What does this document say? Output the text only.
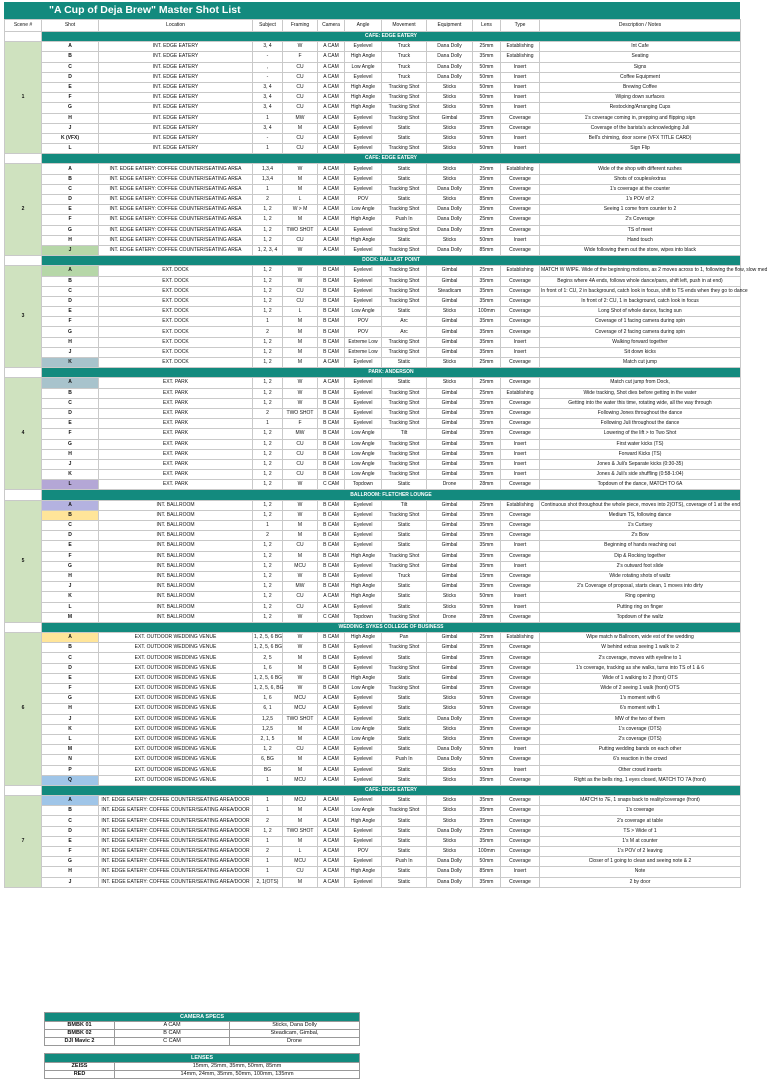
"A Cup of Deja Brew" Master Shot List
Scene #	Shot	Location	Subject	Framing	Camera	Angle	Movement	Equipment	Lens	Type	Description / Notes
	CAFE: EDGE EATERY										
1	A	INT. EDGE EATERY	3, 4	W	A CAM	Eyelevel	Truck	Dana Dolly	25mm	Establishing	Int Cafe
	B	INT. EDGE EATERY	-	F	A CAM	High Angle	Truck	Dana Dolly	35mm	Establishing	Seating
	C	INT. EDGE EATERY	,	CU	A CAM	Low Angle	Truck	Dana Dolly	50mm	Insert	Signs
	D	INT. EDGE EATERY	-	CU	A CAM	Eyelevel	Truck	Dana Dolly	50mm	Insert	Coffee Equipment
	E	INT. EDGE EATERY	3, 4	CU	A CAM	High Angle	Tracking Shot	Sticks	50mm	Insert	Brewing Coffee
	F	INT. EDGE EATERY	3, 4	CU	A CAM	High Angle	Tracking Shot	Sticks	50mm	Insert	Wiping down surfaces
	G	INT. EDGE EATERY	3, 4	CU	A CAM	High Angle	Tracking Shot	Sticks	50mm	Insert	Restocking/Arranging Cups
	H	INT. EDGE EATERY	1	MW	A CAM	Eyelevel	Tracking Shot	Gimbal	35mm	Coverage	1's coverage coming in, prepping and flipping sign
	J	INT. EDGE EATERY	3, 4	M	A CAM	Eyelevel	Static	Sticks	35mm	Coverage	Coverage of the barista's acknowledging Juli
	K (VFX)	INT. EDGE EATERY	-	CU	A CAM	Eyelevel	Static	Sticks	50mm	Insert	Bell's chiming, door scene (VFX TITLE CARD)
	L	INT. EDGE EATERY	1	CU	A CAM	Eyelevel	Tracking Shot	Sticks	50mm	Insert	Sign Flip
	CAFE: EDGE EATERY										
2	A	INT. EDGE EATERY: COFFEE COUNTER/SEATING AREA	1,3,4	W	A CAM	Eyelevel	Static	Sticks	25mm	Establishing	Wide of the shop with different rushes
	B	INT. EDGE EATERY: COFFEE COUNTER/SEATING AREA	1,3,4	M	A CAM	Eyelevel	Static	Sticks	35mm	Coverage	Shots of couples/extras
	C	INT. EDGE EATERY: COFFEE COUNTER/SEATING AREA	1	M	A CAM	Eyelevel	Tracking Shot	Dana Dolly	35mm	Coverage	1's coverage at the counter
	D	INT. EDGE EATERY: COFFEE COUNTER/SEATING AREA	2	L	A CAM	POV	Static	Sticks	85mm	Coverage	1's POV of 2
	E	INT. EDGE EATERY: COFFEE COUNTER/SEATING AREA	1, 2	W > M	A CAM	Low Angle	Tracking Shot	Dana Dolly	35mm	Coverage	Seeing 1 come from counter to 2
	F	INT. EDGE EATERY: COFFEE COUNTER/SEATING AREA	1, 2	M	A CAM	High Angle	Push In	Dana Dolly	25mm	Coverage	2's Coverage
	G	INT. EDGE EATERY: COFFEE COUNTER/SEATING AREA	1, 2	TWO SHOT	A CAM	Eyelevel	Tracking Shot	Dana Dolly	35mm	Coverage	TS of meet
	H	INT. EDGE EATERY: COFFEE COUNTER/SEATING AREA	1, 2	CU	A CAM	High Angle	Static	Sticks	50mm	Insert	Hand touch
	J	INT. EDGE EATERY: COFFEE COUNTER/SEATING AREA	1, 2, 3, 4	W	A CAM	Eyelevel	Tracking Shot	Dana Dolly	85mm	Coverage	Wide following them out the store, wipes into black
	DOCK: BALLAST POINT										
3	A	EXT. DOCK	1, 2	W	B CAM	Eyelevel	Tracking Shot	Gimbal	25mm	Establishing	MATCH W WIPE. Wide of the beginning motions, as 2 moves across to 1, following the flow, slow med
	B	EXT. DOCK	1, 2	W	B CAM	Eyelevel	Tracking Shot	Gimbal	35mm	Coverage	Begins where 4A ends, follows whole dance/pans, shift left, push in at end)
	C	EXT. DOCK	1, 2	CU	B CAM	Eyelevel	Tracking Shot	Steadicam	35mm	Coverage	In front of 1: CU, 2 in background, catch look in focus, shift to TS ends when they go to dance
	D	EXT. DOCK	1, 2	CU	B CAM	Eyelevel	Tracking Shot	Gimbal	35mm	Coverage	In front of 2: CU, 1 in background, catch look in focus
	E	EXT. DOCK	1, 2	L	B CAM	Low Angle	Static	Sticks	100mm	Coverage	Long Shot of whole dance, facing sun
	F	EXT. DOCK	1	M	B CAM	POV	Arc	Gimbal	35mm	Coverage	Coverage of 1 facing camera during spin
	G	EXT. DOCK	2	M	B CAM	POV	Arc	Gimbal	35mm	Coverage	Coverage of 2 facing camera during spin
	H	EXT. DOCK	1, 2	M	B CAM	Extreme Low	Tracking Shot	Gimbal	35mm	Insert	Walking forward together
	J	EXT. DOCK	1, 2	M	B CAM	Extreme Low	Tracking Shot	Gimbal	35mm	Insert	Sit down kicks
	K	EXT. DOCK	1, 2	M	A CAM	Eyelevel	Static	Sticks	25mm	Coverage	Match cut jump
	PARK: ANDERSON										
4	A	EXT. PARK	1, 2	W	A CAM	Eyelevel	Static	Sticks	25mm	Coverage	Match cut jump from Dock,
	B	EXT. PARK	1, 2	W	B CAM	Eyelevel	Tracking Shot	Gimbal	25mm	Establishing	Wide tracking, Shot dies before getting in the water
	C	EXT. PARK	1, 2	W	B CAM	Eyelevel	Tracking Shot	Gimbal	35mm	Coverage	Getting into the water this time, rotating wide, all the way through
	D	EXT. PARK	2	TWO SHOT	B CAM	Eyelevel	Tracking Shot	Gimbal	35mm	Coverage	Following Jones throughout the dance
	E	EXT. PARK	1	F	B CAM	Eyelevel	Tracking Shot	Gimbal	35mm	Coverage	Following Juli throughout the dance
	F	EXT. PARK	1, 2	MW	B CAM	Low Angle	Tilt	Gimbal	35mm	Coverage	Lowering of the lift > to Two Shot
	G	EXT. PARK	1, 2	CU	B CAM	Low Angle	Tracking Shot	Gimbal	35mm	Insert	First water kicks (TS)
	H	EXT. PARK	1, 2	CU	B CAM	Low Angle	Tracking Shot	Gimbal	35mm	Insert	Forward Kicks (TS)
	J	EXT. PARK	1, 2	CU	B CAM	Low Angle	Tracking Shot	Gimbal	35mm	Insert	Jones & Juli's Separate kicks (0:30-35)
	K	EXT. PARK	1, 2	CU	B CAM	Low Angle	Tracking Shot	Gimbal	35mm	Insert	Jones & Juli's side shuffling (0:58-1:04)
	L	EXT. PARK	1, 2	W	C CAM	Topdown	Static	Drone	28mm	Coverage	Topdown of the dance, MATCH TO 6A
	BALLROOM: FLETCHER LOUNGE										
5	A	INT. BALLROOM	1, 2	W	B CAM	Eyelevel	Tilt	Gimbal	25mm	Establishing	Continuous shot throughout the whole piece, moves into 2(OTS), coverage of 1 at the end
	B	INT. BALLROOM	1, 2	W	B CAM	Eyelevel	Tracking Shot	Gimbal	35mm	Coverage	Medium TS, following dance
	C	INT. BALLROOM	1	M	B CAM	Eyelevel	Static	Gimbal	35mm	Coverage	1's Curtsey
	D	INT. BALLROOM	2	M	B CAM	Eyelevel	Static	Gimbal	35mm	Coverage	2's Bow
	E	INT. BALLROOM	1, 2	CU	B CAM	Eyelevel	Static	Gimbal	35mm	Insert	Beginning of hands reaching out
	F	INT. BALLROOM	1, 2	M	B CAM	High Angle	Tracking Shot	Gimbal	35mm	Coverage	Dip & Rocking together
	G	INT. BALLROOM	1, 2	MCU	B CAM	Eyelevel	Tracking Shot	Gimbal	35mm	Insert	2's outward foot slide
	H	INT. BALLROOM	1, 2	W	B CAM	Eyelevel	Truck	Gimbal	15mm	Coverage	Wide rotating shots of waltz
	J	INT. BALLROOM	1, 2	MW	B CAM	High Angle	Static	Gimbal	35mm	Coverage	2's Coverage of proposal, starts clean, 1 moves into dirty
	K	INT. BALLROOM	1, 2	CU	A CAM	High Angle	Static	Sticks	50mm	Insert	Ring opening
	L	INT. BALLROOM	1, 2	CU	A CAM	Eyelevel	Static	Sticks	50mm	Insert	Putting ring on finger
	M	INT. BALLROOM	1, 2	W	C CAM	Topdown	Tracking Shot	Drone	28mm	Coverage	Topdown of the waltz
	WEDDING: SYKES COLLEGE OF BUSINESS										
6	A	EXT. OUTDOOR WEDDING VENUE	1, 2, 5, 6 BG	W	B CAM	High Angle	Pan	Gimbal	25mm	Establishing	Wipe match w Ballroom, wide est of the wedding
	B	EXT. OUTDOOR WEDDING VENUE	1, 2, 5, 6 BG	W	B CAM	Eyelevel	Tracking Shot	Gimbal	35mm	Coverage	W behind extras seeing 1 walk to 2
	C	EXT. OUTDOOR WEDDING VENUE	2, 5	M	B CAM	Eyelevel	Static	Gimbal	35mm	Coverage	2's coverage, moves with eyeline to 1
	D	EXT. OUTDOOR WEDDING VENUE	1, 6	M	B CAM	Eyelevel	Tracking Shot	Gimbal	35mm	Coverage	1's coverage, tracking as she walks, turns into TS of 1 & 6
	E	EXT. OUTDOOR WEDDING VENUE	1, 2, 5, 6 BG	W	B CAM	High Angle	Static	Gimbal	35mm	Coverage	Wide of 1 walking to 2 (front) OTS
	F	EXT. OUTDOOR WEDDING VENUE	1, 2, 5, 6, BG	W	B CAM	Low Angle	Tracking Shot	Gimbal	35mm	Coverage	Wide of 2 seeing 1 walk (front) OTS
	G	EXT. OUTDOOR WEDDING VENUE	1, 6	MCU	A CAM	Eyelevel	Static	Sticks	50mm	Coverage	1's moment with 6
	H	EXT. OUTDOOR WEDDING VENUE	6, 1	MCU	A CAM	Eyelevel	Static	Sticks	50mm	Coverage	6's moment with 1
	J	EXT. OUTDOOR WEDDING VENUE	1,2,5	TWO SHOT	A CAM	Eyelevel	Static	Dana Dolly	35mm	Coverage	MW of the two of them
	K	EXT. OUTDOOR WEDDING VENUE	1,2,5	M	A CAM	Low Angle	Static	Sticks	35mm	Coverage	1's coverage (OTS)
	L	EXT. OUTDOOR WEDDING VENUE	2, 1, 5	M	A CAM	Low Angle	Static	Sticks	35mm	Coverage	2's coverage (OTS)
	M	EXT. OUTDOOR WEDDING VENUE	1, 2	CU	A CAM	Eyelevel	Static	Dana Dolly	50mm	Insert	Putting wedding bands on each other
	N	EXT. OUTDOOR WEDDING VENUE	6, BG	M	A CAM	Eyelevel	Push In	Dana Dolly	50mm	Coverage	6's reaction in the crowd
	P	EXT. OUTDOOR WEDDING VENUE	BG	M	A CAM	Eyelevel	Static	Sticks	50mm	Insert	Other crowd inserts
	Q	EXT. OUTDOOR WEDDING VENUE	1	MCU	A CAM	Eyelevel	Static	Sticks	35mm	Coverage	Right as the bells ring, 1 eyes closed, MATCH TO 7A (front)
	CAFE: EDGE EATERY										
7	A	INT. EDGE EATERY: COFFEE COUNTER/SEATING AREA/DOOR	1	MCU	A CAM	Eyelevel	Static	Sticks	35mm	Coverage	MATCH to 7E, 1 snaps back to reality/coverage (front)
	B	INT. EDGE EATERY: COFFEE COUNTER/SEATING AREA/DOOR	1	M	A CAM	Low Angle	Tracking Shot	Sticks	35mm	Coverage	1's coverage
	C	INT. EDGE EATERY: COFFEE COUNTER/SEATING AREA/DOOR	2	M	A CAM	High Angle	Static	Sticks	35mm	Coverage	2's coverage at table
	D	INT. EDGE EATERY: COFFEE COUNTER/SEATING AREA/DOOR	1, 2	TWO SHOT	A CAM	Eyelevel	Static	Dana Dolly	25mm	Coverage	TS > Wide of 1
	E	INT. EDGE EATERY: COFFEE COUNTER/SEATING AREA/DOOR	1	M	A CAM	Eyelevel	Static	Sticks	35mm	Coverage	1's M at counter
	F	INT. EDGE EATERY: COFFEE COUNTER/SEATING AREA/DOOR	2	L	A CAM	POV	Static	Sticks	100mm	Coverage	1's POV of 2 leaving
	G	INT. EDGE EATERY: COFFEE COUNTER/SEATING AREA/DOOR	1	MCU	A CAM	Eyelevel	Push In	Dana Dolly	50mm	Coverage	Closer of 1 going to clean and seeing note & 2
	H	INT. EDGE EATERY: COFFEE COUNTER/SEATING AREA/DOOR	1	CU	A CAM	High Angle	Static	Dana Dolly	85mm	Insert	Note
	J	INT. EDGE EATERY: COFFEE COUNTER/SEATING AREA/DOOR	2, 1(OTS)	M	A CAM	Eyelevel	Static	Dana Dolly	35mm	Coverage	2 by door
CAMERA SPECS		
BMBK 01	A CAM	Sticks, Dana Dolly
BMBK 02	B CAM	Steadicam, Gimbal,
DJI Mavic 2	C CAM	Drone
LENSES	
ZEISS	15mm, 25mm, 35mm, 50mm, 85mm
RED	14mm, 24mm, 35mm, 50mm, 100mm, 135mm
